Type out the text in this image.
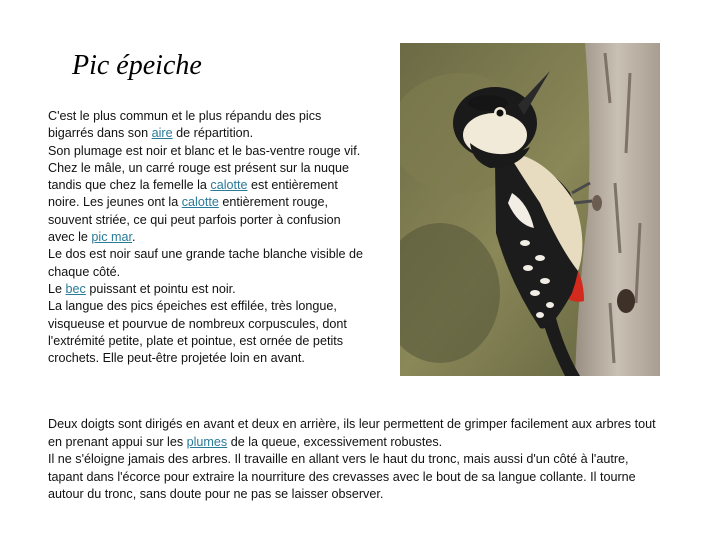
Pic épeiche

C'est le plus commun et le plus répandu des pics bigarrés dans son aire de répartition.

Son plumage est noir et blanc et le bas-ventre rouge vif. Chez le mâle, un carré rouge est présent sur la nuque tandis que chez la femelle la calotte est entièrement noire. Les jeunes ont la calotte entièrement rouge, souvent striée, ce qui peut parfois porter à confusion avec le pic mar.

Le dos est noir sauf une grande tache blanche visible de chaque côté.

Le bec puissant et pointu est noir.

La langue des pics épeiches est effilée, très longue, visqueuse et pourvue de nombreux corpuscules, dont l'extrémité petite, plate et pointue, est ornée de petits crochets. Elle peut-être projetée loin en avant.

Deux doigts sont dirigés en avant et deux en arrière, ils leur permettent de grimper facilement aux arbres tout en prenant appui sur les plumes de la queue, excessivement robustes.

Il ne s'éloigne jamais des arbres. Il travaille en allant vers le haut du tronc, mais aussi d'un côté à l'autre, tapant dans l'écorce pour extraire la nourriture des crevasses avec le bout de sa langue collante. Il tourne autour du tronc, sans doute pour ne pas se laisser observer.
